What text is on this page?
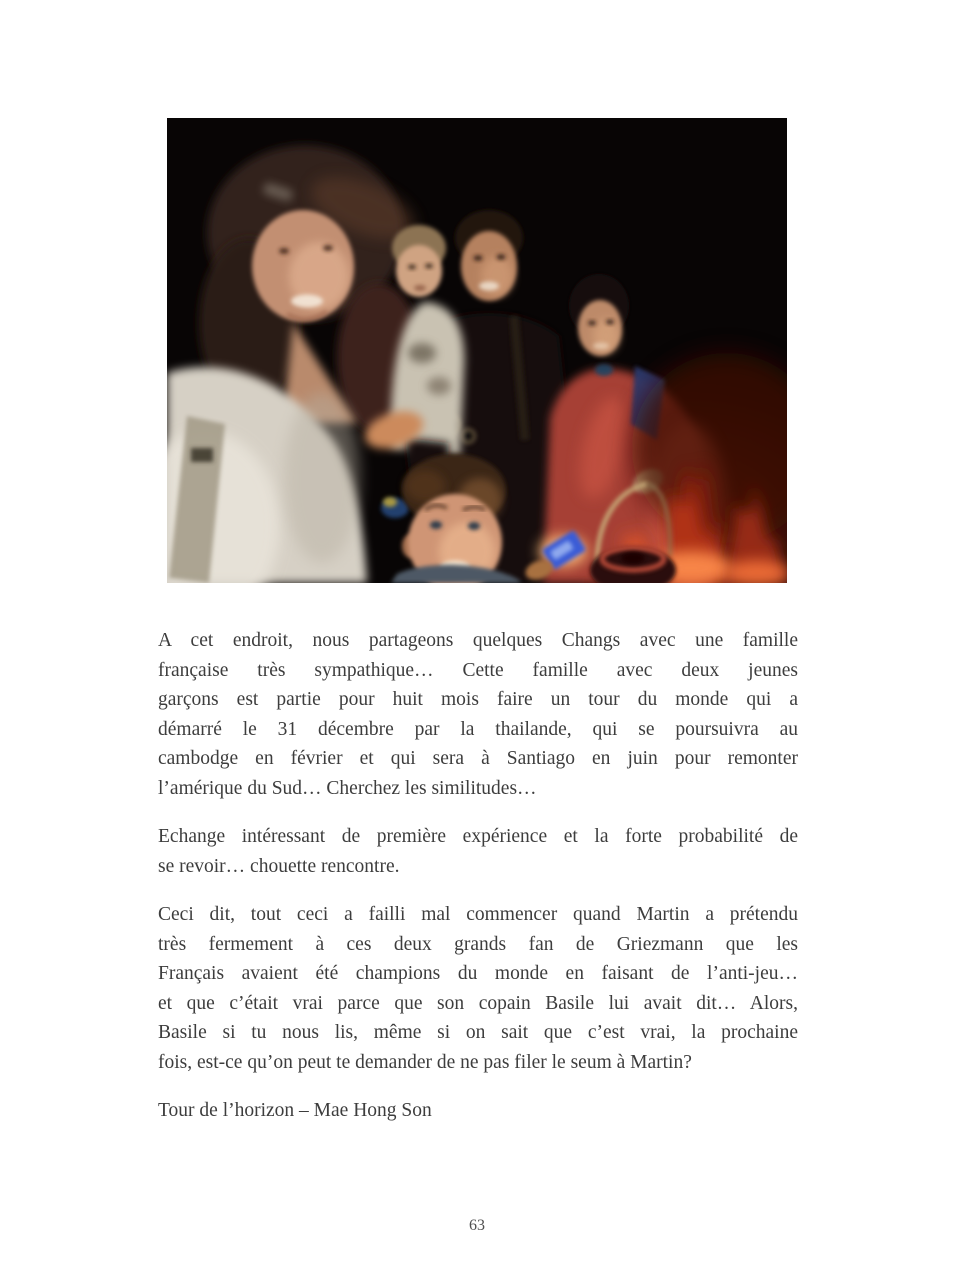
A cet endroit, nous partageons quelques Changs avec une famille
française très sympathique… Cette famille avec deux jeunes
garçons est partie pour huit mois faire un tour du monde qui a
démarré le 31 décembre par la thailande, qui se poursuivra au
cambodge en février et qui sera à Santiago en juin pour remonter
l’amérique du Sud… Cherchez les similitudes…

Echange intéressant de première expérience et la forte probabilité de
se revoir… chouette rencontre.

Ceci dit, tout ceci a failli mal commencer quand Martin a prétendu
très fermement à ces deux grands fan de Griezmann que les
Français avaient été champions du monde en faisant de l’anti-jeu…
et que c’était vrai parce que son copain Basile lui avait dit… Alors,
Basile si tu nous lis, même si on sait que c’est vrai, la prochaine
fois, est-ce qu’on peut te demander de ne pas filer le seum à Martin?

Tour de l’horizon – Mae Hong Son

63
